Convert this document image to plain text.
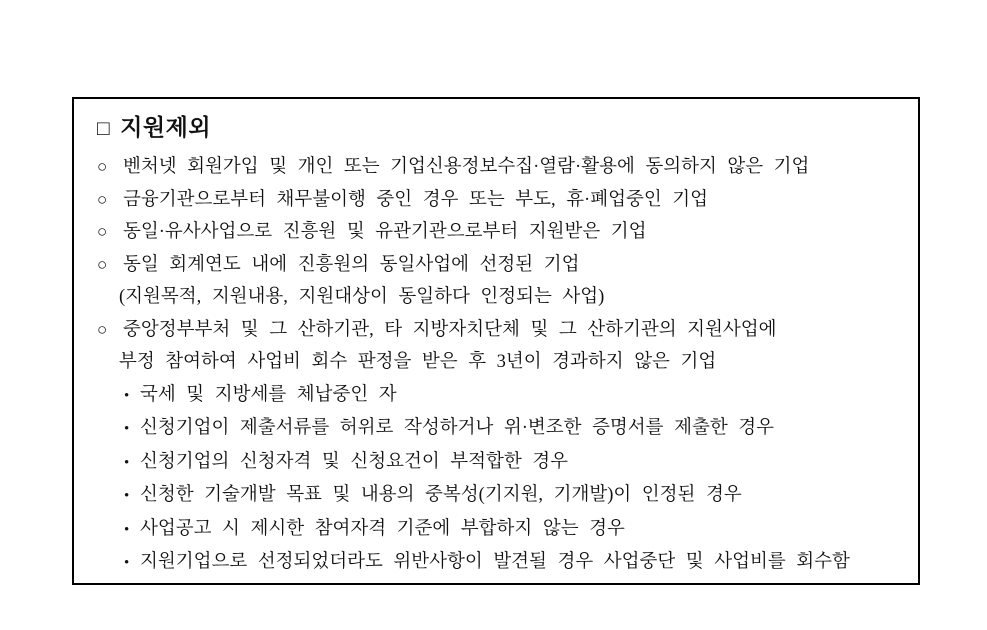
□ 지원제외
○ 벤처넷 회원가입 및 개인 또는 기업신용정보수집·열람·활용에 동의하지 않은 기업
○ 금융기관으로부터 채무불이행 중인 경우 또는 부도, 휴·폐업중인 기업
○ 동일·유사사업으로 진흥원 및 유관기관으로부터 지원받은 기업
○ 동일 회계연도 내에 진흥원의 동일사업에 선정된 기업
(지원목적, 지원내용, 지원대상이 동일하다 인정되는 사업)
○ 중앙정부부처 및 그 산하기관, 타 지방자치단체 및 그 산하기관의 지원사업에
부정 참여하여 사업비 회수 판정을 받은 후 3년이 경과하지 않은 기업
• 국세 및 지방세를 체납중인 자
• 신청기업이 제출서류를 허위로 작성하거나 위·변조한 증명서를 제출한 경우
• 신청기업의 신청자격 및 신청요건이 부적합한 경우
• 신청한 기술개발 목표 및 내용의 중복성(기지원, 기개발)이 인정된 경우
• 사업공고 시 제시한 참여자격 기준에 부합하지 않는 경우
• 지원기업으로 선정되었더라도 위반사항이 발견될 경우 사업중단 및 사업비를 회수함
